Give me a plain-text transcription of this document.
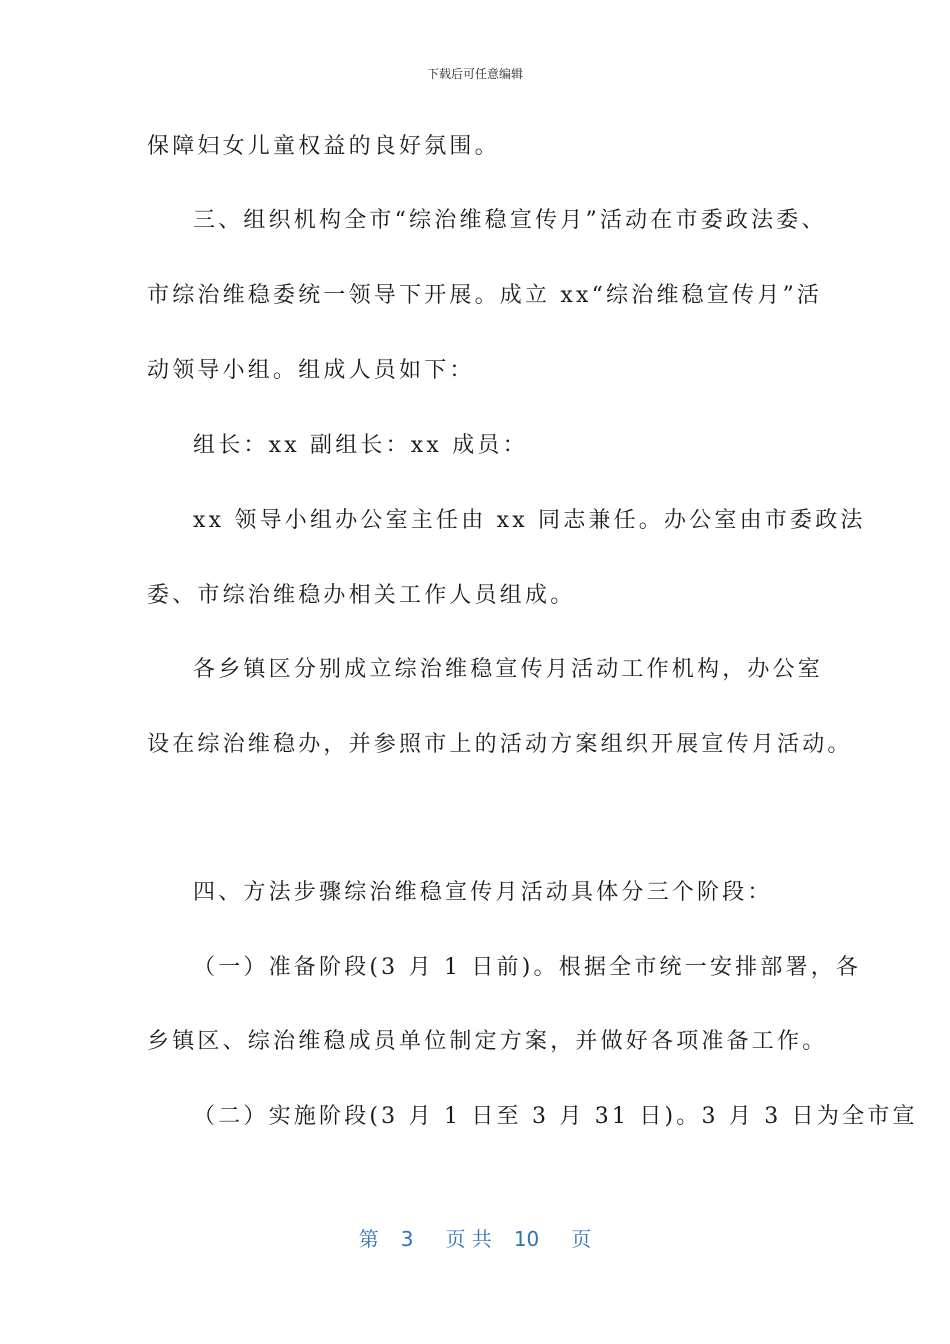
下载后可任意编辑
保障妇女儿童权益的良好氛围。
三、组织机构全市“综治维稳宣传月”活动在市委政法委、
市综治维稳委统一领导下开展。成立 xx“综治维稳宣传月”活
动领导小组。组成人员如下：
组长：xx 副组长：xx 成员：
xx 领导小组办公室主任由 xx 同志兼任。办公室由市委政法
委、市综治维稳办相关工作人员组成。
各乡镇区分别成立综治维稳宣传月活动工作机构，办公室
设在综治维稳办，并参照市上的活动方案组织开展宣传月活动。
四、方法步骤综治维稳宣传月活动具体分三个阶段：
（一）准备阶段(3 月 1 日前)。根据全市统一安排部署，各
乡镇区、综治维稳成员单位制定方案，并做好各项准备工作。
（二）实施阶段(3 月 1 日至 3 月 31 日)。3 月 3 日为全市宣
第 3 页 共 10 页
